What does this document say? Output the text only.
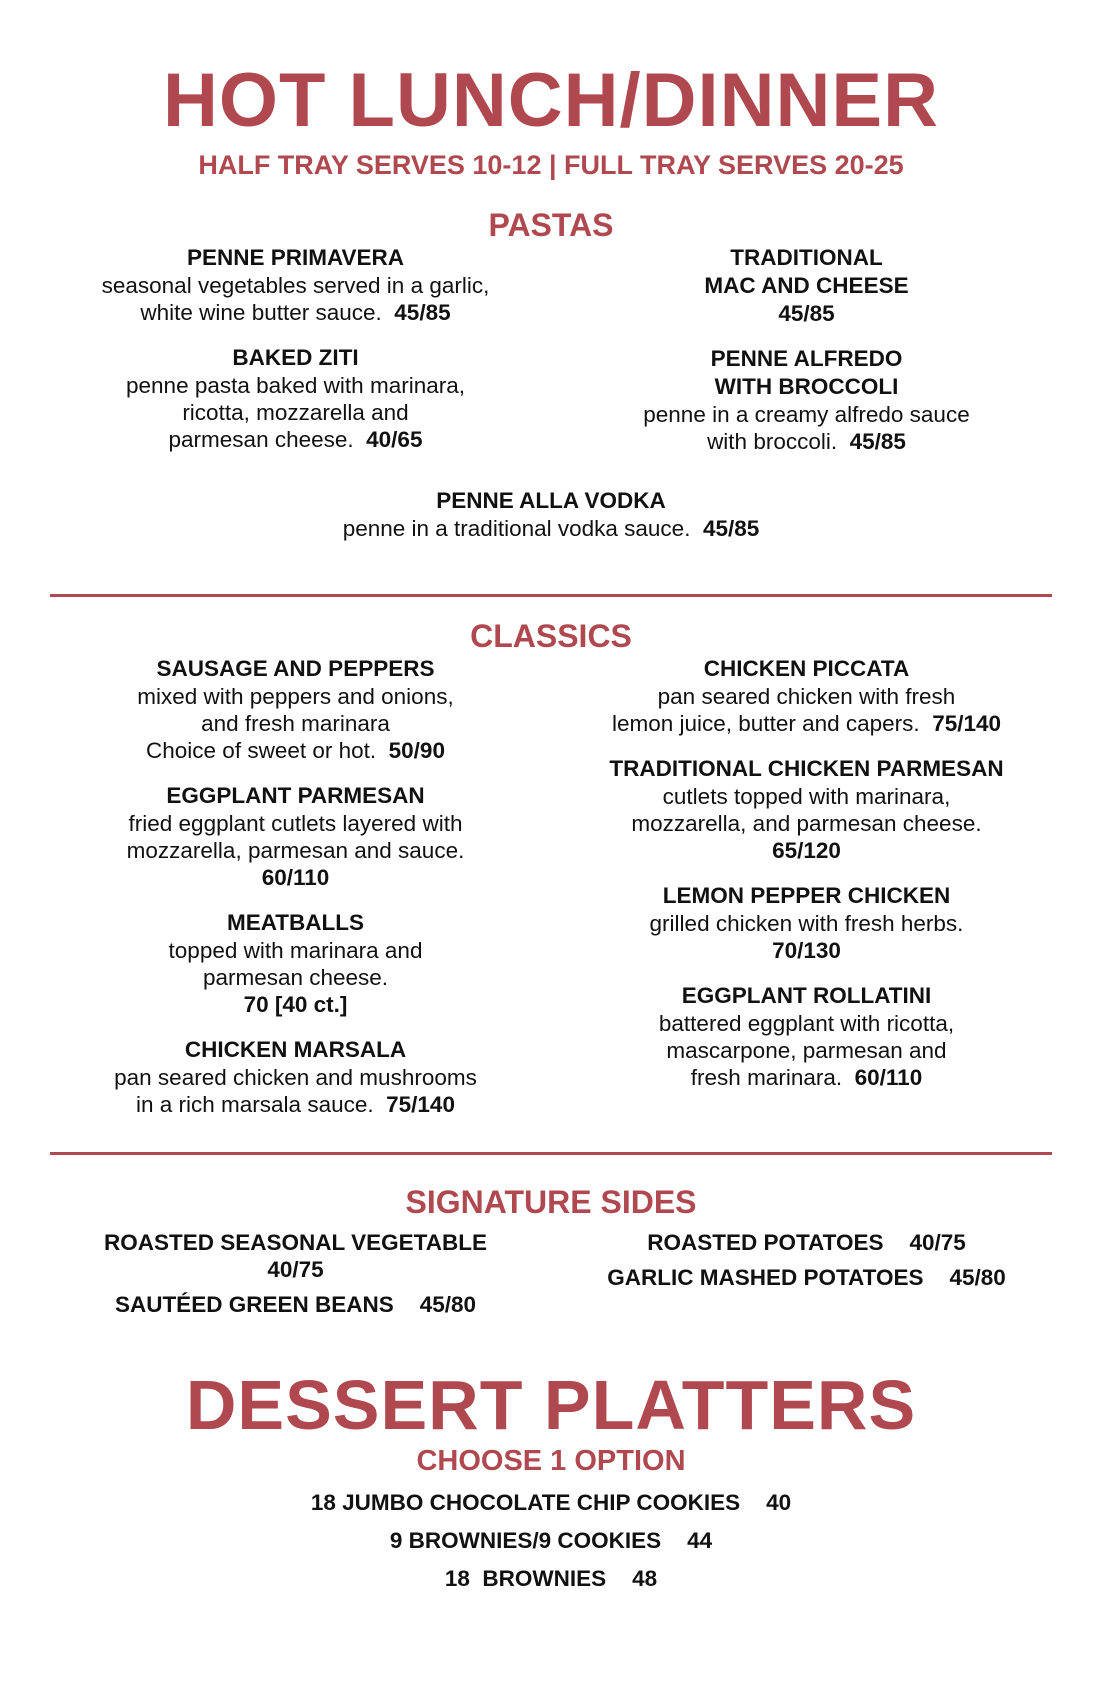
HOT LUNCH/DINNER
HALF TRAY SERVES 10-12 | FULL TRAY SERVES 20-25
PASTAS
PENNE PRIMAVERA
seasonal vegetables served in a garlic,
white wine butter sauce. 45/85
BAKED ZITI
penne pasta baked with marinara,
ricotta, mozzarella and
parmesan cheese. 40/65
TRADITIONAL
MAC AND CHEESE
45/85
PENNE ALFREDO
WITH BROCCOLI
penne in a creamy alfredo sauce
with broccoli. 45/85
PENNE ALLA VODKA
penne in a traditional vodka sauce. 45/85
CLASSICS
SAUSAGE AND PEPPERS
mixed with peppers and onions,
and fresh marinara
Choice of sweet or hot. 50/90
EGGPLANT PARMESAN
fried eggplant cutlets layered with
mozzarella, parmesan and sauce.
60/110
MEATBALLS
topped with marinara and
parmesan cheese.
70 [40 ct.]
CHICKEN MARSALA
pan seared chicken and mushrooms
in a rich marsala sauce. 75/140
CHICKEN PICCATA
pan seared chicken with fresh
lemon juice, butter and capers. 75/140
TRADITIONAL CHICKEN PARMESAN
cutlets topped with marinara,
mozzarella, and parmesan cheese.
65/120
LEMON PEPPER CHICKEN
grilled chicken with fresh herbs.
70/130
EGGPLANT ROLLATINI
battered eggplant with ricotta,
mascarpone, parmesan and
fresh marinara. 60/110
SIGNATURE SIDES
ROASTED SEASONAL VEGETABLE
40/75
SAUTÉED GREEN BEANS 45/80
ROASTED POTATOES 40/75
GARLIC MASHED POTATOES 45/80
DESSERT PLATTERS
CHOOSE 1 OPTION
18 JUMBO CHOCOLATE CHIP COOKIES 40
9 BROWNIES/9 COOKIES 44
18  BROWNIES 48
